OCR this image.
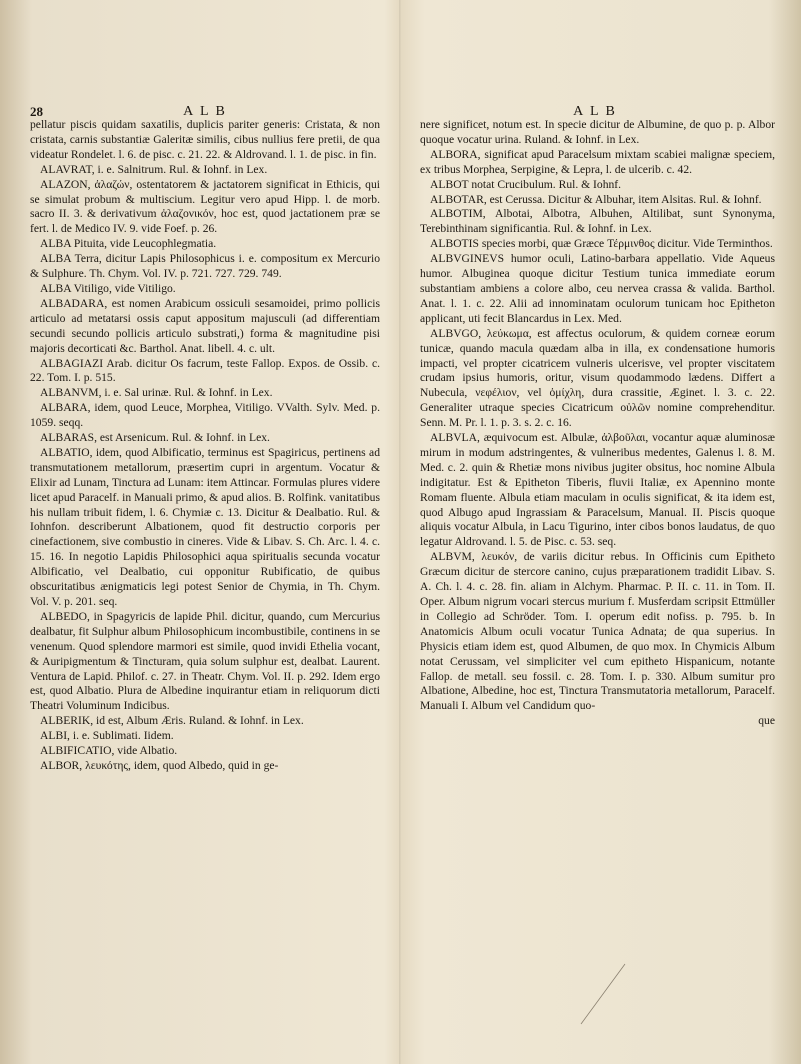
28	A L B	A L B

pellatur piscis quidam saxatilis, duplicis pariter generis: Cristata, & non cristata, carnis substantiæ Galeritæ similis, cibus nullius fere pretii, de qua videatur Rondelet. l. 6. de pisc. c. 21. 22. & Aldrovand. l. 1. de pisc. in fin.

ALAVRAT, i. e. Salnitrum. Rul. & Iohnf. in Lex.

ALAZON, ἀλαζών, ostentatorem & jactatorem significat in Ethicis, qui se simulat probum & multiscium. Legitur vero apud Hipp. l. de morb. sacro II. 3. & derivativum ἀλαζονικόν, hoc est, quod jactationem præ se fert. l. de Medico IV. 9. vide Foef. p. 26.

ALBA Pituita, vide Leucophlegmatia.

ALBA Terra, dicitur Lapis Philosophicus i. e. compositum ex Mercurio & Sulphure. Th. Chym. Vol. IV. p. 721. 727. 729. 749.

ALBA Vitiligo, vide Vitiligo.

ALBADARA, est nomen Arabicum ossiculi sesamoidei, primo pollicis articulo ad metatarsi ossis caput appositum majusculi (ad differentiam secundi secundo pollicis articulo substrati,) forma & magnitudine pisi majoris decorticati &c. Barthol. Anat. libell. 4. c. ult.

ALBAGIAZI Arab. dicitur Os facrum, teste Fallop. Expos. de Ossib. c. 22. Tom. I. p. 515.

ALBANVM, i. e. Sal urinæ. Rul. & Iohnf. in Lex.

ALBARA, idem, quod Leuce, Morphea, Vitiligo. VValth. Sylv. Med. p. 1059. seqq.

ALBARAS, est Arsenicum. Rul. & Iohnf. in Lex.

ALBATIO, idem, quod Albificatio, terminus est Spagiricus, pertinens ad transmutationem metallorum, præsertim cupri in argentum. Vocatur & Elixir ad Lunam, Tinctura ad Lunam: item Attincar. Formulas plures videre licet apud Paracelf. in Manuali primo, & apud alios. B. Rolfink. vanitatibus his nullam tribuit fidem, l. 6. Chymiæ c. 13. Dicitur & Dealbatio. Rul. & Iohnfon. describerunt Albationem, quod fit destructio corporis per cinefactionem, sive combustio in cineres. Vide & Libav. S. Ch. Arc. l. 4. c. 15. 16. In negotio Lapidis Philosophici aqua spiritualis secunda vocatur Albificatio, vel Dealbatio, cui opponitur Rubificatio, de quibus obscuritatibus ænigmaticis legi potest Senior de Chymia, in Th. Chym. Vol. V. p. 201. seq.

ALBEDO, in Spagyricis de lapide Phil. dicitur, quando, cum Mercurius dealbatur, fit Sulphur album Philosophicum incombustibile, continens in se venenum. Quod splendore marmori est simile, quod invidi Ethelia vocant, & Auripigmentum & Tincturam, quia solum sulphur est, dealbat. Laurent. Ventura de Lapid. Philof. c. 27. in Theatr. Chym. Vol. II. p. 292. Idem ergo est, quod Albatio. Plura de Albedine inquirantur etiam in reliquorum dicti Theatri Voluminum Indicibus.

ALBERIK, id est, Album Æris. Ruland. & Iohnf. in Lex.

ALBI, i. e. Sublimati. Iidem.

ALBIFICATIO, vide Albatio.

ALBOR, λευκότης, idem, quod Albedo, quid in ge-

nere significet, notum est. In specie dicitur de Albumine, de quo p. p. Albor quoque vocatur urina. Ruland. & Iohnf. in Lex.

ALBORA, significat apud Paracelsum mixtam scabiei malignæ speciem, ex tribus Morphea, Serpigine, & Lepra, l. de ulcerib. c. 42.

ALBOT notat Crucibulum. Rul. & Iohnf.

ALBOTAR, est Cerussa. Dicitur & Albuhar, item Alsitas. Rul. & Iohnf.

ALBOTIM, Albotai, Albotra, Albuhen, Altilibat, sunt Synonyma, Terebinthinam significantia. Rul. & Iohnf. in Lex.

ALBOTIS species morbi, quæ Græce Τέρμινθος dicitur. Vide Terminthos.

ALBVGINEVS humor oculi, Latino-barbara appellatio. Vide Aqueus humor. Albuginea quoque dicitur Testium tunica immediate eorum substantiam ambiens a colore albo, ceu nervea crassa & valida. Barthol. Anat. l. 1. c. 22. Alii ad innominatam oculorum tunicam hoc Epitheton applicant, uti fecit Blancardus in Lex. Med.

ALBVGO, λεύκωμα, est affectus oculorum, & quidem corneæ eorum tunicæ, quando macula quædam alba in illa, ex condensatione humoris impacti, vel propter cicatricem vulneris ulcerisve, vel propter viscitatem crudam ipsius humoris, oritur, visum quodammodo lædens. Differt a Nubecula, νεφέλιον, vel ὀμίχλη, dura crassitie, Æginet. l. 3. c. 22. Generaliter utraque species Cicatricum οὐλῶν nomine comprehenditur. Senn. M. Pr. l. 1. p. 3. s. 2. c. 16.

ALBVLA, æquivocum est. Albulæ, ἀλβοῦλαι, vocantur aquæ aluminosæ mirum in modum adstringentes, & vulneribus medentes, Galenus l. 8. M. Med. c. 2. quin & Rhetiæ mons nivibus jugiter obsitus, hoc nomine Albula indigitatur. Est & Epitheton Tiberis, fluvii Italiæ, ex Apennino monte Romam fluente. Albula etiam maculam in oculis significat, & ita idem est, quod Albugo apud Ingrassiam & Paracelsum, Manual. II. Piscis quoque aliquis vocatur Albula, in Lacu Tigurino, inter cibos bonos laudatus, de quo legatur Aldrovand. l. 5. de Pisc. c. 53. seq.

ALBVM, λευκόν, de variis dicitur rebus. In Officinis cum Epitheto Græcum dicitur de stercore canino, cujus præparationem tradidit Libav. S. A. Ch. l. 4. c. 28. fin. aliam in Alchym. Pharmac. P. II. c. 11. in Tom. II. Oper. Album nigrum vocari stercus murium f. Musferdam scripsit Ettmüller in Collegio ad Schröder. Tom. I. operum edit nofiss. p. 795. b. In Anatomicis Album oculi vocatur Tunica Adnata; de qua superius. In Physicis etiam idem est, quod Albumen, de quo mox. In Chymicis Album notat Cerussam, vel simpliciter vel cum epitheto Hispanicum, notante Fallop. de metall. seu fossil. c. 28. Tom. I. p. 330. Album sumitur pro Albatione, Albedine, hoc est, Tinctura Transmutatoria metallorum, Paracelf. Manuali I. Album vel Candidum quo-

que
